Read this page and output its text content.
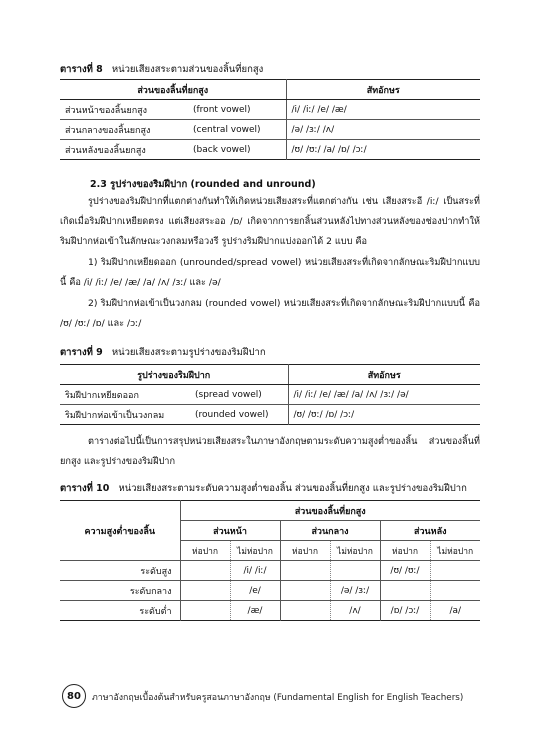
ตารางที่ 8 หน่วยเสียงสระตามส่วนของลิ้นที่ยกสูง
ส่วนของลิ้นที่ยกสูง		สัทอักษร
ส่วนหน้าของลิ้นยกสูง	(front vowel)	/i/ /iː/ /e/ /æ/
ส่วนกลางของลิ้นยกสูง	(central vowel)	/ə/ /ɜː/ /ʌ/
ส่วนหลังของลิ้นยกสูง	(back vowel)	/ʊ/ /ʊː/ /a/ /ɒ/ /ɔː/
2.3 รูปร่างของริมฝีปาก (rounded and unround)
รูปร่างของริมฝีปากที่แตกต่างกันทำให้เกิดหน่วยเสียงสระที่แตกต่างกัน เช่น เสียงสระอี /iː/ เป็นสระที่เกิดเมื่อริมฝีปากเหยียดตรง แต่เสียงสระออ /ɒ/ เกิดจากการยกลิ้นส่วนหลังไปทางส่วนหลังของช่องปากทำให้ริมฝีปากห่อเข้าในลักษณะวงกลมหรือวงรี รูปร่างริมฝีปากแบ่งออกได้ 2 แบบ คือ
1) ริมฝีปากเหยียดออก (unrounded/spread vowel) หน่วยเสียงสระที่เกิดจากลักษณะริมฝีปากแบบนี้ คือ /i/ /iː/ /e/ /æ/ /a/ /ʌ/ /ɜː/ และ /ə/
2) ริมฝีปากห่อเข้าเป็นวงกลม (rounded vowel) หน่วยเสียงสระที่เกิดจากลักษณะริมฝีปากแบบนี้ คือ /ʊ/ /ʊː/ /ɒ/ และ /ɔː/
ตารางที่ 9 หน่วยเสียงสระตามรูปร่างของริมฝีปาก
รูปร่างของริมฝีปาก		สัทอักษร
ริมฝีปากเหยียดออก	(spread vowel)	/i/ /iː/ /e/ /æ/ /a/ /ʌ/ /ɜː/ /ə/
ริมฝีปากห่อเข้าเป็นวงกลม	(rounded vowel)	/ʊ/ /ʊː/ /ɒ/ /ɔː/
ตารางต่อไปนี้เป็นการสรุปหน่วยเสียงสระในภาษาอังกฤษตามระดับความสูงต่ำของลิ้น ส่วนของลิ้นที่ยกสูง และรูปร่างของริมฝีปาก
ตารางที่ 10 หน่วยเสียงสระตามระดับความสูงต่ำของลิ้น ส่วนของลิ้นที่ยกสูง และรูปร่างของริมฝีปาก
ความสูงต่ำของลิ้น	ส่วนของลิ้นที่ยกสูง					
	ส่วนหน้า		ส่วนกลาง		ส่วนหลัง	
	ห่อปาก	ไม่ห่อปาก	ห่อปาก	ไม่ห่อปาก	ห่อปาก	ไม่ห่อปาก
ระดับสูง		/i/ /iː/			/ʊ/ /ʊː/	
ระดับกลาง		/e/		/ə/ /ɜː/		
ระดับต่ำ		/æ/		/ʌ/	/ɒ/ /ɔː/	/a/
80 ภาษาอังกฤษเบื้องต้นสำหรับครูสอนภาษาอังกฤษ (Fundamental English for English Teachers)
